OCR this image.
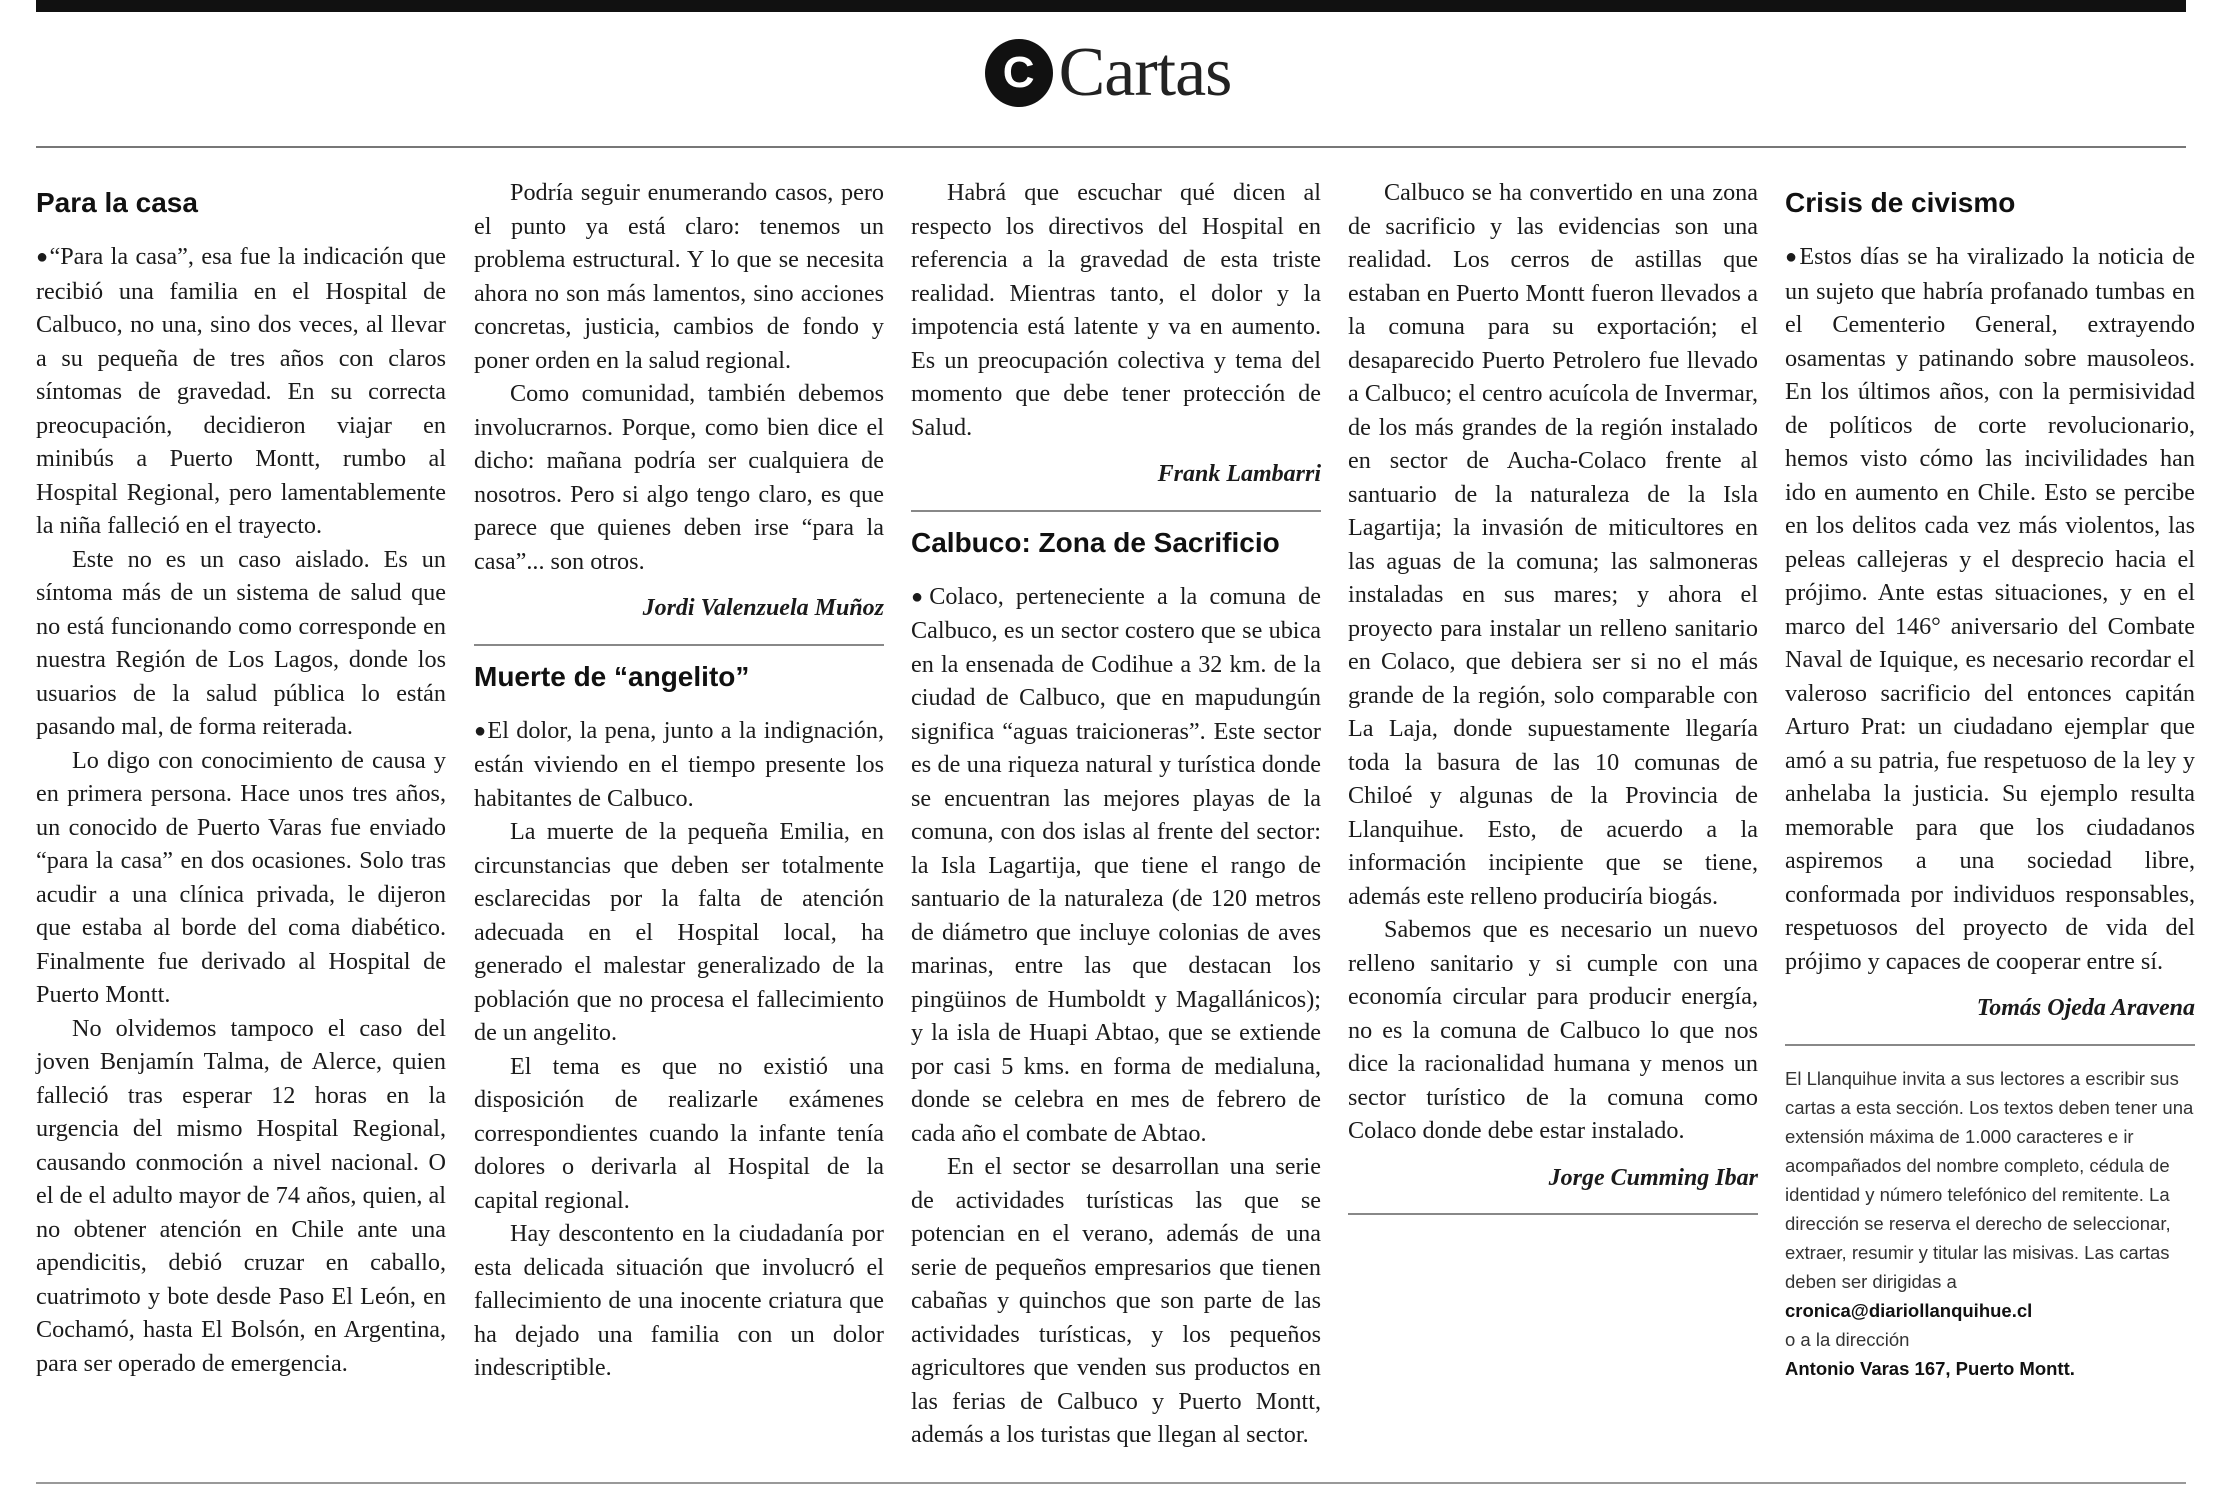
C Cartas
Para la casa

●“Para la casa”, esa fue la indicación que recibió una familia en el Hospital de Calbuco, no una, sino dos veces, al llevar a su pequeña de tres años con claros síntomas de gravedad. En su correcta preocupación, decidieron viajar en minibús a Puerto Montt, rumbo al Hospital Regional, pero lamentablemente la niña falleció en el trayecto.

Este no es un caso aislado. Es un síntoma más de un sistema de salud que no está funcionando como corresponde en nuestra Región de Los Lagos, donde los usuarios de la salud pública lo están pasando mal, de forma reiterada.

Lo digo con conocimiento de causa y en primera persona. Hace unos tres años, un conocido de Puerto Varas fue enviado “para la casa” en dos ocasiones. Solo tras acudir a una clínica privada, le dijeron que estaba al borde del coma diabético. Finalmente fue derivado al Hospital de Puerto Montt.

No olvidemos tampoco el caso del joven Benjamín Talma, de Alerce, quien falleció tras esperar 12 horas en la urgencia del mismo Hospital Regional, causando conmoción a nivel nacional. O el de el adulto mayor de 74 años, quien, al no obtener atención en Chile ante una apendicitis, debió cruzar en caballo, cuatrimoto y bote desde Paso El León, en Cochamó, hasta El Bolsón, en Argentina, para ser operado de emergencia.

Podría seguir enumerando casos, pero el punto ya está claro: tenemos un problema estructural. Y lo que se necesita ahora no son más lamentos, sino acciones concretas, justicia, cambios de fondo y poner orden en la salud regional.

Como comunidad, también debemos involucrarnos. Porque, como bien dice el dicho: mañana podría ser cualquiera de nosotros. Pero si algo tengo claro, es que parece que quienes deben irse “para la casa”... son otros.

Jordi Valenzuela Muñoz
Muerte de “angelito”

●El dolor, la pena, junto a la indignación, están viviendo en el tiempo presente los habitantes de Calbuco.

La muerte de la pequeña Emilia, en circunstancias que deben ser totalmente esclarecidas por la falta de atención adecuada en el Hospital local, ha generado el malestar generalizado de la población que no procesa el fallecimiento de un angelito.

El tema es que no existió una disposición de realizarle exámenes correspondientes cuando la infante tenía dolores o derivarla al Hospital de la capital regional.

Hay descontento en la ciudadanía por esta delicada situación que involucró el fallecimiento de una inocente criatura que ha dejado una familia con un dolor indescriptible.

Habrá que escuchar qué dicen al respecto los directivos del Hospital en referencia a la gravedad de esta triste realidad. Mientras tanto, el dolor y la impotencia está latente y va en aumento. Es un preocupación colectiva y tema del momento que debe tener protección de Salud.

Frank Lambarri
Calbuco: Zona de Sacrificio

●Colaco, perteneciente a la comuna de Calbuco, es un sector costero que se ubica en la ensenada de Codihue a 32 km. de la ciudad de Calbuco, que en mapudungún significa “aguas traicioneras”. Este sector es de una riqueza natural y turística donde se encuentran las mejores playas de la comuna, con dos islas al frente del sector: la Isla Lagartija, que tiene el rango de santuario de la naturaleza (de 120 metros de diámetro que incluye colonias de aves marinas, entre las que destacan los pingüinos de Humboldt y Magallánicos); y la isla de Huapi Abtao, que se extiende por casi 5 kms. en forma de medialuna, donde se celebra en mes de febrero de cada año el combate de Abtao.

En el sector se desarrollan una serie de actividades turísticas las que se potencian en el verano, además de una serie de pequeños empresarios que tienen cabañas y quinchos que son parte de las actividades turísticas, y los pequeños agricultores que venden sus productos en las ferias de Calbuco y Puerto Montt, además a los turistas que llegan al sector.

Calbuco se ha convertido en una zona de sacrificio y las evidencias son una realidad. Los cerros de astillas que estaban en Puerto Montt fueron llevados a la comuna para su exportación; el desaparecido Puerto Petrolero fue llevado a Calbuco; el centro acuícola de Invermar, de los más grandes de la región instalado en sector de Aucha-Colaco frente al santuario de la naturaleza de la Isla Lagartija; la invasión de miticultores en las aguas de la comuna; las salmoneras instaladas en sus mares; y ahora el proyecto para instalar un relleno sanitario en Colaco, que debiera ser si no el más grande de la región, solo comparable con La Laja, donde supuestamente llegaría toda la basura de las 10 comunas de Chiloé y algunas de la Provincia de Llanquihue. Esto, de acuerdo a la información incipiente que se tiene, además este relleno produciría biogás.

Sabemos que es necesario un nuevo relleno sanitario y si cumple con una economía circular para producir energía, no es la comuna de Calbuco lo que nos dice la racionalidad humana y menos un sector turístico de la comuna como Colaco donde debe estar instalado.

Jorge Cumming Ibar
Crisis de civismo

●Estos días se ha viralizado la noticia de un sujeto que habría profanado tumbas en el Cementerio General, extrayendo osamentas y patinando sobre mausoleos. En los últimos años, con la permisividad de políticos de corte revolucionario, hemos visto cómo las incivilidades han ido en aumento en Chile. Esto se percibe en los delitos cada vez más violentos, las peleas callejeras y el desprecio hacia el prójimo. Ante estas situaciones, y en el marco del 146° aniversario del Combate Naval de Iquique, es necesario recordar el valeroso sacrificio del entonces capitán Arturo Prat: un ciudadano ejemplar que amó a su patria, fue respetuoso de la ley y anhelaba la justicia. Su ejemplo resulta memorable para que los ciudadanos aspiremos a una sociedad libre, conformada por individuos responsables, respetuosos del proyecto de vida del prójimo y capaces de cooperar entre sí.

Tomás Ojeda Aravena
El Llanquihue invita a sus lectores a escribir sus cartas a esta sección. Los textos deben tener una extensión máxima de 1.000 caracteres e ir acompañados del nombre completo, cédula de identidad y número telefónico del remitente. La dirección se reserva el derecho de seleccionar, extraer, resumir y titular las misivas. Las cartas deben ser dirigidas a
cronica@diariollanquihue.cl
o a la dirección
Antonio Varas 167, Puerto Montt.
